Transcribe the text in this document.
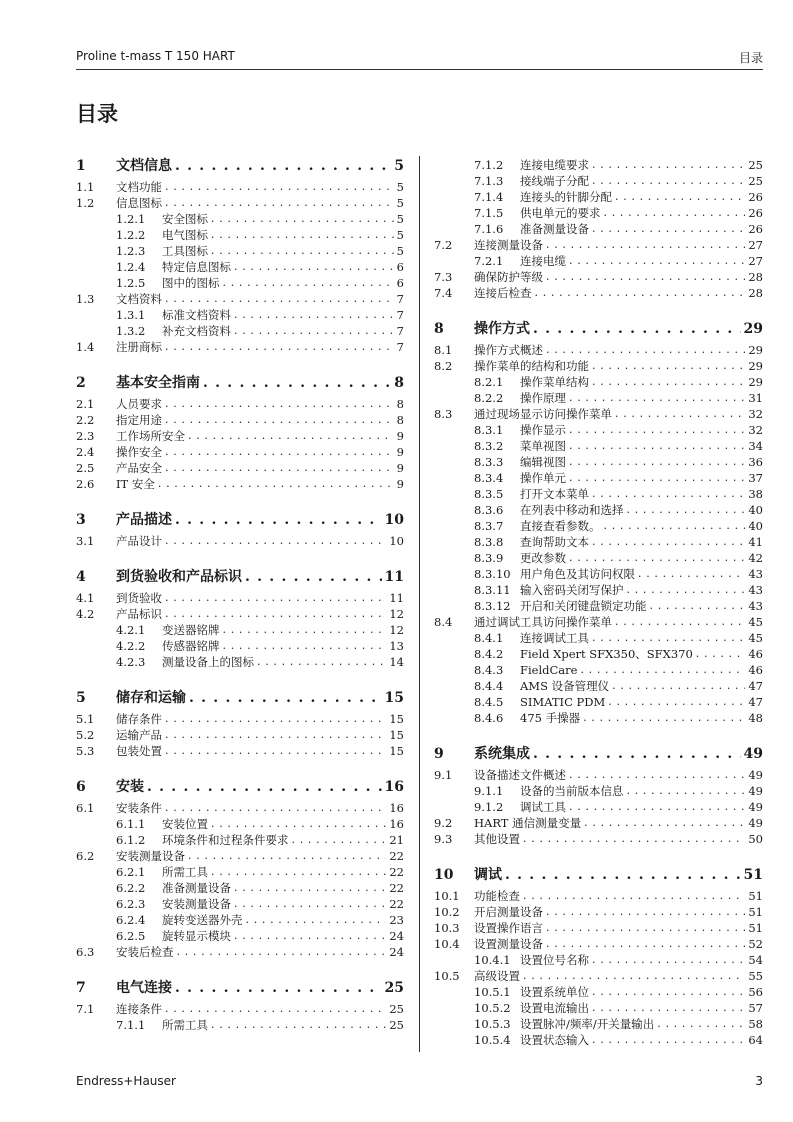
Proline t-mass T 150 HART	目录
目录
1	文档信息 . . .	5
1.1	文档功能 . . .	5
1.2	信息图标 . . .	5
1.2.1	安全图标 . . .	5
1.2.2	电气图标 . . .	5
1.2.3	工具图标 . . .	5
1.2.4	特定信息图标 . . .	6
1.2.5	图中的图标 . . .	6
1.3	文档资料 . . .	7
1.3.1	标准文档资料 . . .	7
1.3.2	补充文档资料 . . .	7
1.4	注册商标 . . .	7
2	基本安全指南 . . .	8
2.1	人员要求 . . .	8
2.2	指定用途 . . .	8
2.3	工作场所安全 . . .	9
2.4	操作安全 . . .	9
2.5	产品安全 . . .	9
2.6	IT 安全 . . .	9
3	产品描述 . . .	10
3.1	产品设计 . . .	10
4	到货验收和产品标识 . . .	11
4.1	到货验收 . . .	11
4.2	产品标识 . . .	12
4.2.1	变送器铭牌 . . .	12
4.2.2	传感器铭牌 . . .	13
4.2.3	测量设备上的图标 . . .	14
5	储存和运输 . . .	15
5.1	储存条件 . . .	15
5.2	运输产品 . . .	15
5.3	包装处置 . . .	15
6	安装 . . .	16
6.1	安装条件 . . .	16
6.1.1	安装位置 . . .	16
6.1.2	环境条件和过程条件要求 . . .	21
6.2	安装测量设备 . . .	22
6.2.1	所需工具 . . .	22
6.2.2	准备测量设备 . . .	22
6.2.3	安装测量设备 . . .	22
6.2.4	旋转变送器外壳 . . .	23
6.2.5	旋转显示模块 . . .	24
6.3	安装后检查 . . .	24
7	电气连接 . . .	25
7.1	连接条件 . . .	25
7.1.1	所需工具 . . .	25
7.1.2	连接电缆要求 . . .	25
7.1.3	接线端子分配 . . .	25
7.1.4	连接头的针脚分配 . . .	26
7.1.5	供电单元的要求 . . .	26
7.1.6	准备测量设备 . . .	26
7.2	连接测量设备 . . .	27
7.2.1	连接电缆 . . .	27
7.3	确保防护等级 . . .	28
7.4	连接后检查 . . .	28
8	操作方式 . . .	29
8.1	操作方式概述 . . .	29
8.2	操作菜单的结构和功能 . . .	29
8.2.1	操作菜单结构 . . .	29
8.2.2	操作原理 . . .	31
8.3	通过现场显示访问操作菜单 . . .	32
8.3.1	操作显示 . . .	32
8.3.2	菜单视图 . . .	34
8.3.3	编辑视图 . . .	36
8.3.4	操作单元 . . .	37
8.3.5	打开文本菜单 . . .	38
8.3.6	在列表中移动和选择 . . .	40
8.3.7	直接查看参数。 . . .	40
8.3.8	查询帮助文本 . . .	41
8.3.9	更改参数 . . .	42
8.3.10 用户角色及其访问权限 . . .	43
8.3.11 输入密码关闭写保护 . . .	43
8.3.12 开启和关闭键盘锁定功能 . . .	43
8.4	通过调试工具访问操作菜单 . . .	45
8.4.1	连接调试工具 . . .	45
8.4.2	Field Xpert SFX350、SFX370 . . .	46
8.4.3	FieldCare . . .	46
8.4.4	AMS 设备管理仪 . . .	47
8.4.5	SIMATIC PDM . . .	47
8.4.6	475 手操器 . . .	48
9	系统集成 . . .	49
9.1	设备描述文件概述 . . .	49
9.1.1	设备的当前版本信息 . . .	49
9.1.2	调试工具 . . .	49
9.2	HART 通信测量变量 . . .	49
9.3	其他设置 . . .	50
10	调试 . . .	51
10.1	功能检查 . . .	51
10.2	开启测量设备 . . .	51
10.3	设置操作语言 . . .	51
10.4	设置测量设备 . . .	52
10.4.1 设置位号名称 . . .	54
10.5	高级设置 . . .	55
10.5.1 设置系统单位 . . .	56
10.5.2 设置电流输出 . . .	57
10.5.3 设置脉冲/频率/开关量输出 . . .	58
10.5.4 设置状态输入 . . .	64
Endress+Hauser	3
